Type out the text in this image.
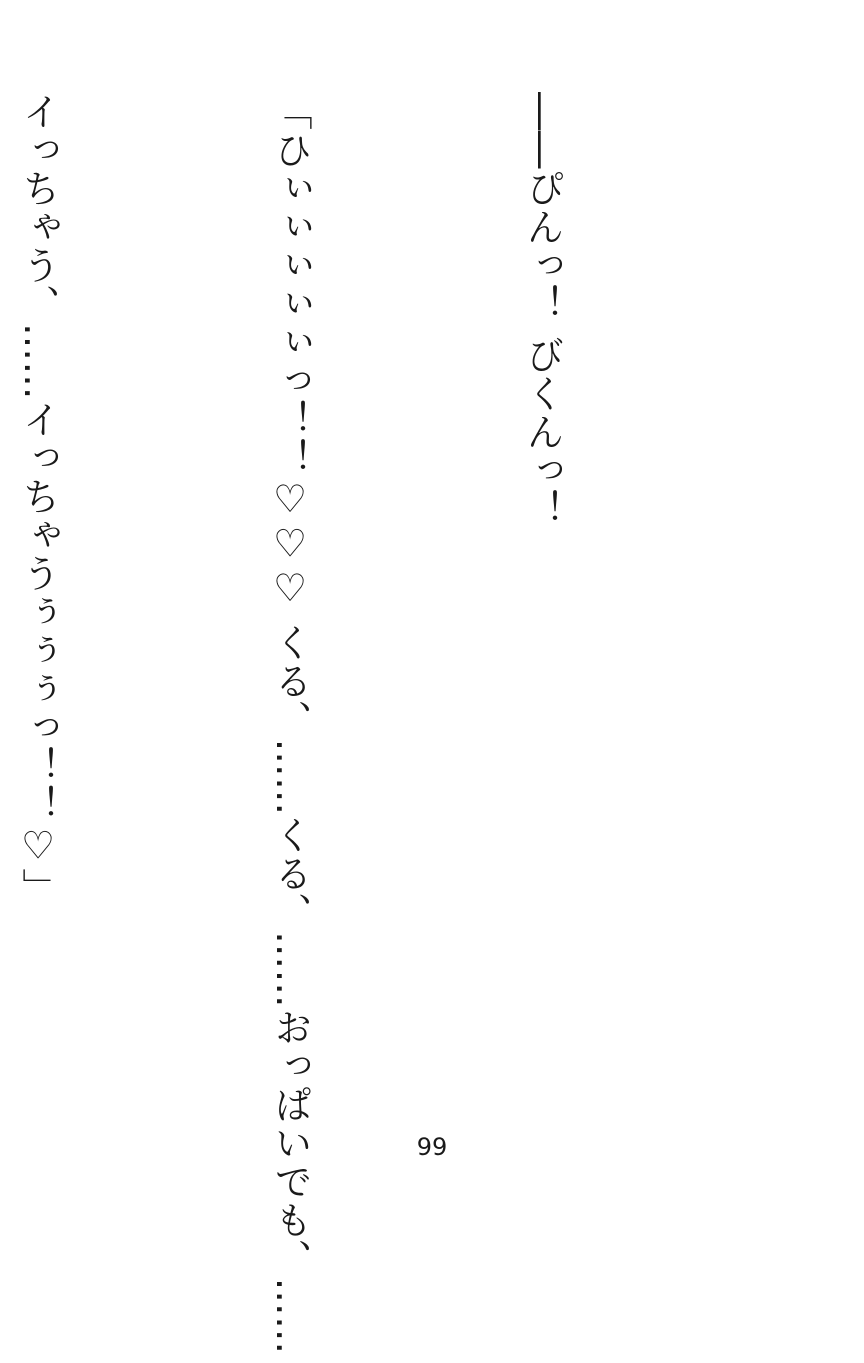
――ぴんっ！ びくんっ！

「ひぃぃぃぃぃっ！！♡♡♡ くる、……くる、……おっぱいでも、……

イっちゃう、……イっちゃうぅぅぅっ！！♡」

99
